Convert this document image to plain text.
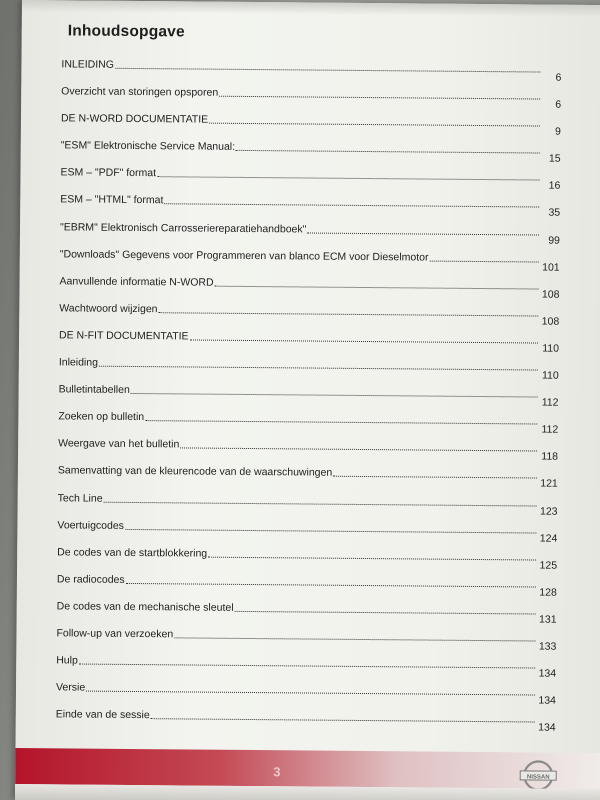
Inhoudsopgave
INLEIDING
6
Overzicht van storingen opsporen
6
DE N-WORD DOCUMENTATIE
9
"ESM" Elektronische Service Manual:
15
ESM – "PDF" format
16
ESM – "HTML" format
35
"EBRM" Elektronisch Carrosseriereparatiehandboek"
99
"Downloads" Gegevens voor Programmeren van blanco ECM voor Dieselmotor
101
Aanvullende informatie N-WORD
108
Wachtwoord wijzigen
108
DE N-FIT DOCUMENTATIE
110
Inleiding
110
Bulletintabellen
112
Zoeken op bulletin
112
Weergave van het bulletin
118
Samenvatting van de kleurencode van de waarschuwingen
121
Tech Line
123
Voertuigcodes
124
De codes van de startblokkering
125
De radiocodes
128
De codes van de mechanische sleutel
131
Follow-up van verzoeken
133
Hulp
134
Versie
134
Einde van de sessie
134
3	NISSAN
